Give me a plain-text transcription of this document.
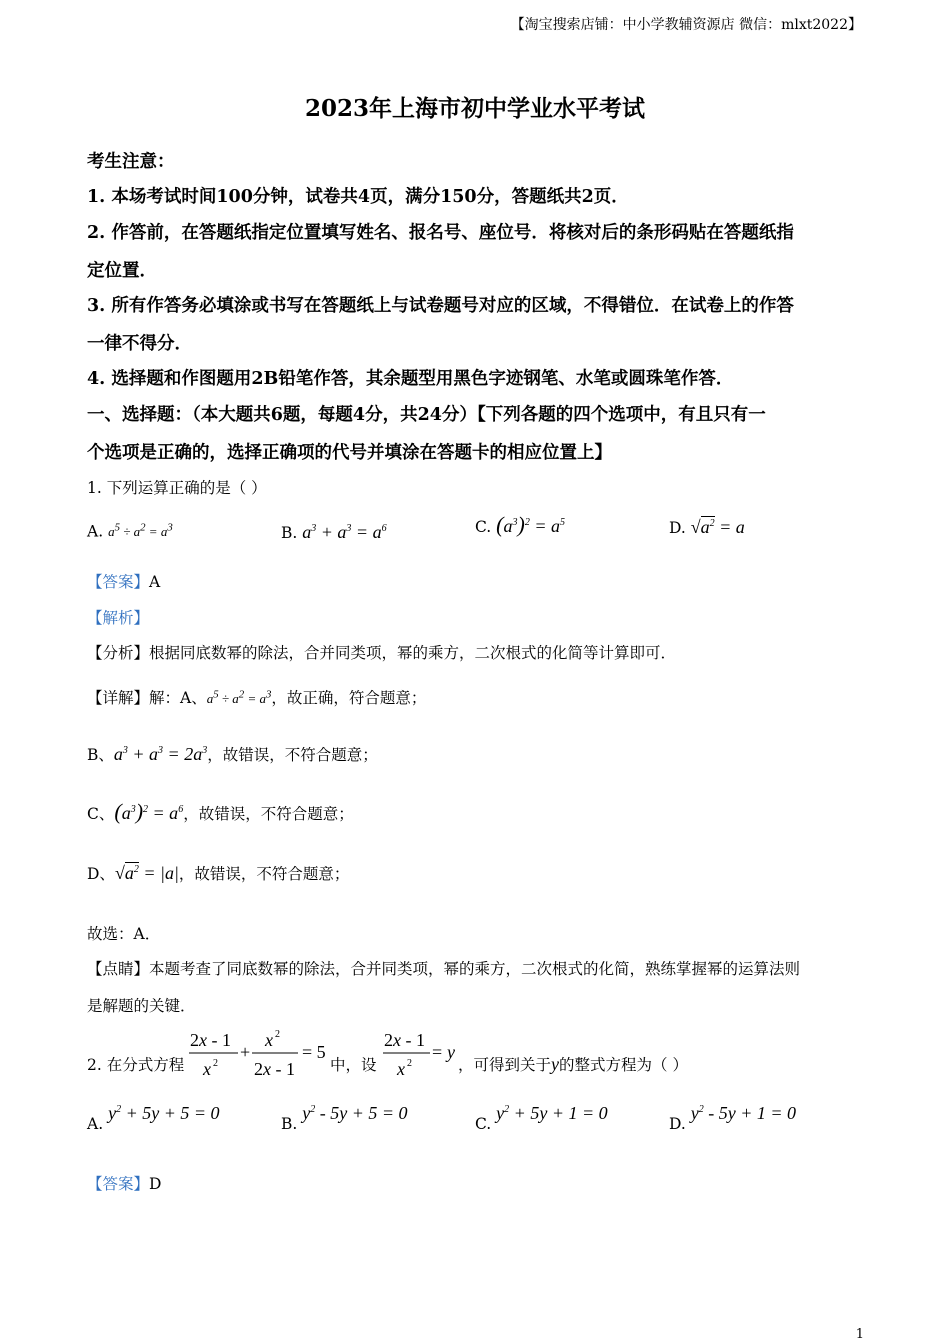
【淘宝搜索店铺：中小学教辅资源店 微信：mlxt2022】
2023年上海市初中学业水平考试
考生注意：
1. 本场考试时间100分钟，试卷共4页，满分150分，答题纸共2页．
2. 作答前，在答题纸指定位置填写姓名、报名号、座位号．将核对后的条形码贴在答题纸指
定位置．
3. 所有作答务必填涂或书写在答题纸上与试卷题号对应的区域，不得错位．在试卷上的作答
一律不得分．
4. 选择题和作图题用2B铅笔作答，其余题型用黑色字迹钢笔、水笔或圆珠笔作答．
一、选择题：（本大题共6题，每题4分，共24分）【下列各题的四个选项中，有且只有一
个选项是正确的，选择正确项的代号并填涂在答题卡的相应位置上】
1. 下列运算正确的是（ ）
A. $a^5 \div a^2 = a^3$	B. $a^3 + a^3 = a^6$	C. $(a^3)^2 = a^5$	D. $√a^2 = a$
【答案】A
【解析】
【分析】根据同底数幂的除法，合并同类项，幂的乘方，二次根式的化简等计算即可．
【详解】解：A、$a^5 \div a^2 = a^3$，故正确，符合题意；
B、$a^3 + a^3 = 2a^3$，故错误，不符合题意；
C、$(a^3)^2 = a^6$，故错误，不符合题意；
D、$√a^2 = |a|$，故错误，不符合题意；
故选：A．
【点睛】本题考查了同底数幂的除法，合并同类项，幂的乘方，二次根式的化简，熟练掌握幂的运算法则
是解题的关键．
2. 在分式方程
2x - 1
x 2
+
x 2
2x - 1
= 5
中，设
2x - 1
x 2
= y
，可得到关于y的整式方程为（ ）
A. $y^2 + 5y + 5 = 0$
B. $y^2 - 5y + 5 = 0$
C. $y^2 + 5y + 1 = 0$
D. $y^2 - 5y + 1 = 0$
【答案】D
1
